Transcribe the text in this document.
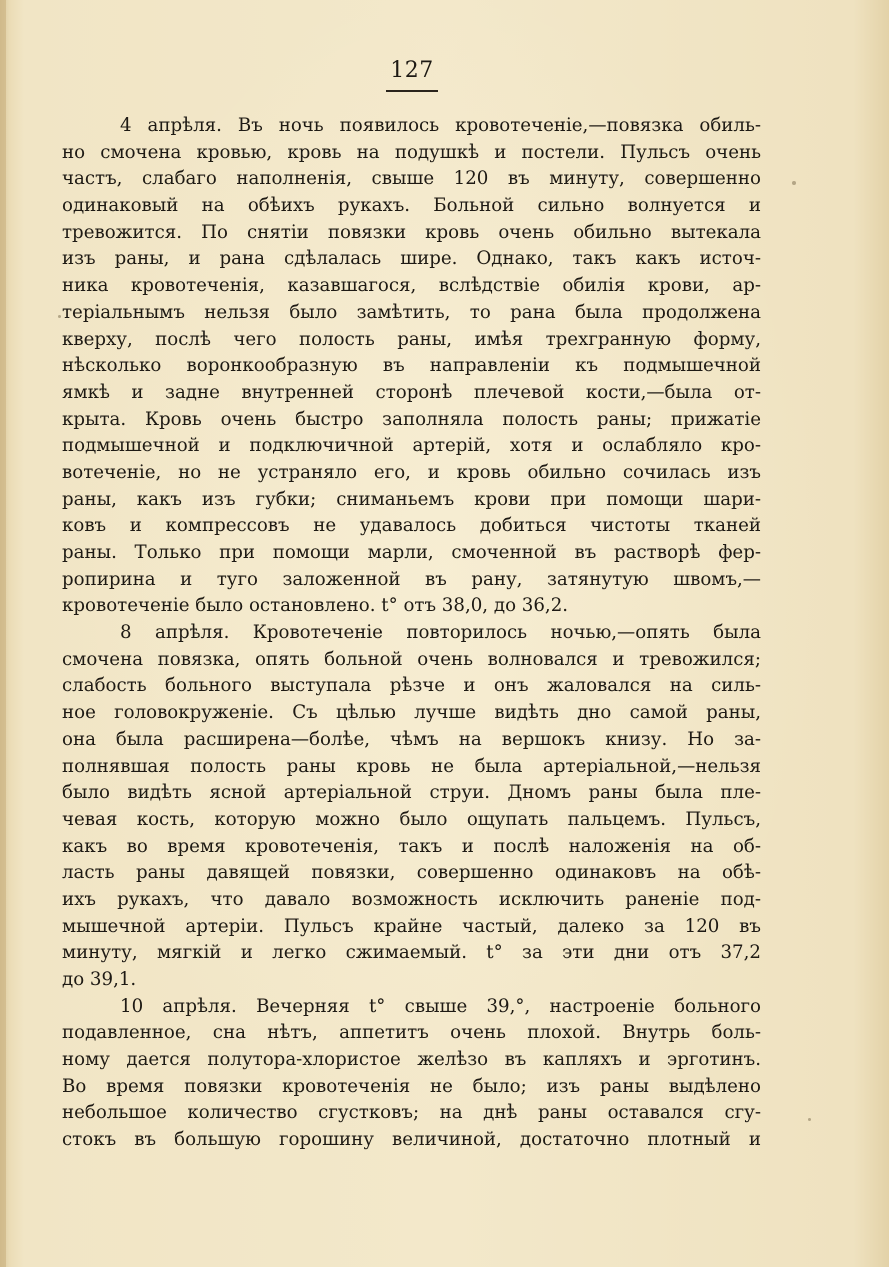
127
4 апрѣля. Въ ночь появилось кровотеченіе,—повязка обиль-
но смочена кровью, кровь на подушкѣ и постели. Пульсъ очень
частъ, слабаго наполненія, свыше 120 въ минуту, совершенно
одинаковый на обѣихъ рукахъ. Больной сильно волнуется и
тревожится. По снятіи повязки кровь очень обильно вытекала
изъ раны, и рана сдѣлалась шире. Однако, такъ какъ источ-
ника кровотеченія, казавшагося, вслѣдствіе обилія крови, ар-
теріальнымъ нельзя было замѣтить, то рана была продолжена
кверху, послѣ чего полость раны, имѣя трехгранную форму,
нѣсколько воронкообразную въ направленіи къ подмышечной
ямкѣ и задне внутренней сторонѣ плечевой кости,—была от-
крыта. Кровь очень быстро заполняла полость раны; прижатіе
подмышечной и подключичной артерій, хотя и ослабляло кро-
вотеченіе, но не устраняло его, и кровь обильно сочилась изъ
раны, какъ изъ губки; сниманьемъ крови при помощи шари-
ковъ и компрессовъ не удавалось добиться чистоты тканей
раны. Только при помощи марли, смоченной въ растворѣ фер-
ропирина и туго заложенной въ рану, затянутую швомъ,—
кровотеченіе было остановлено. t° отъ 38,0, до 36,2.
8 апрѣля. Кровотеченіе повторилось ночью,—опять была
смочена повязка, опять больной очень волновался и тревожился;
слабость больного выступала рѣзче и онъ жаловался на силь-
ное головокруженіе. Съ цѣлью лучше видѣть дно самой раны,
она была расширена—болѣе, чѣмъ на вершокъ книзу. Но за-
полнявшая полость раны кровь не была артеріальной,—нельзя
было видѣть ясной артеріальной струи. Дномъ раны была пле-
чевая кость, которую можно было ощупать пальцемъ. Пульсъ,
какъ во время кровотеченія, такъ и послѣ наложенія на об-
ласть раны давящей повязки, совершенно одинаковъ на обѣ-
ихъ рукахъ, что давало возможность исключить раненіе под-
мышечной артеріи. Пульсъ крайне частый, далеко за 120 въ
минуту, мягкій и легко сжимаемый. t° за эти дни отъ 37,2
до 39,1.
10 апрѣля. Вечерняя t° свыше 39,°, настроеніе больного
подавленное, сна нѣтъ, аппетитъ очень плохой. Внутрь боль-
ному дается полутора-хлористое желѣзо въ капляхъ и эрготинъ.
Во время повязки кровотеченія не было; изъ раны выдѣлено
небольшое количество сгустковъ; на днѣ раны оставался сгу-
стокъ въ большую горошину величиной, достаточно плотный и
